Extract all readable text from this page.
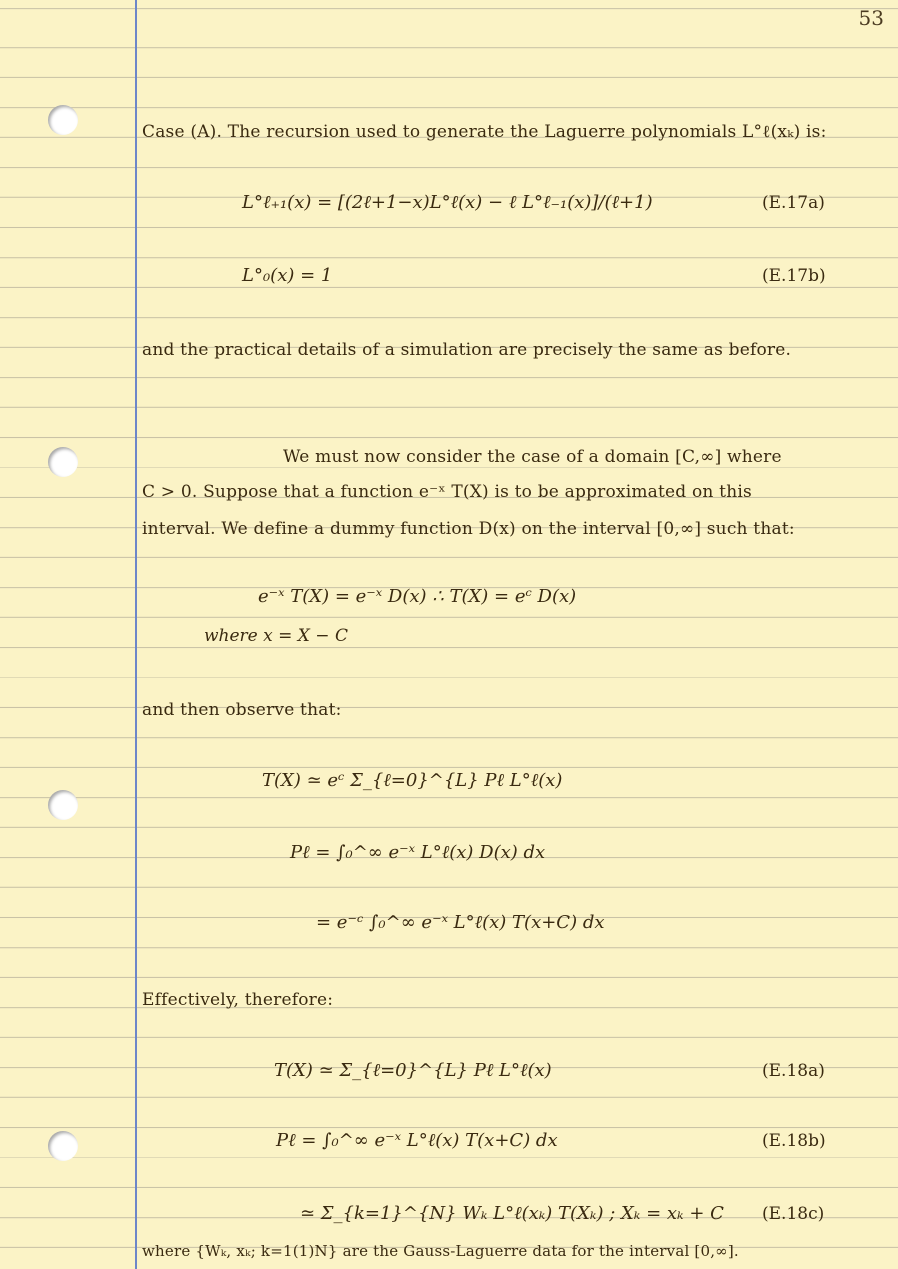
53
Case (A). The recursion used to generate the Laguerre polynomials L°ℓ(xₖ) is:
L°ℓ₊₁(x) = [(2ℓ+1−x)L°ℓ(x) − ℓ L°ℓ₋₁(x)]/(ℓ+1)	(E.17a)
L°₀(x) = 1	(E.17b)
and the practical details of a simulation are precisely the same as before.
We must now consider the case of a domain [C,∞] where
C > 0. Suppose that a function e⁻ˣ T(X) is to be approximated on this
interval. We define a dummy function D(x) on the interval [0,∞] such that:
e⁻ˣ T(X) = e⁻ˣ D(x) ∴ T(X) = eᶜ D(x)
where x = X − C
and then observe that:
T(X) ≃ eᶜ Σ_{ℓ=0}^{L} Pℓ L°ℓ(x)
Pℓ = ∫₀^∞ e⁻ˣ L°ℓ(x) D(x) dx
= e⁻ᶜ ∫₀^∞ e⁻ˣ L°ℓ(x) T(x+C) dx
Effectively, therefore:
T(X) ≃ Σ_{ℓ=0}^{L} Pℓ L°ℓ(x)	(E.18a)
Pℓ = ∫₀^∞ e⁻ˣ L°ℓ(x) T(x+C) dx	(E.18b)
≃ Σ_{k=1}^{N} Wₖ L°ℓ(xₖ) T(Xₖ) ; Xₖ = xₖ + C (E.18c)
where {Wₖ, xₖ; k=1(1)N} are the Gauss-Laguerre data for the interval [0,∞].
